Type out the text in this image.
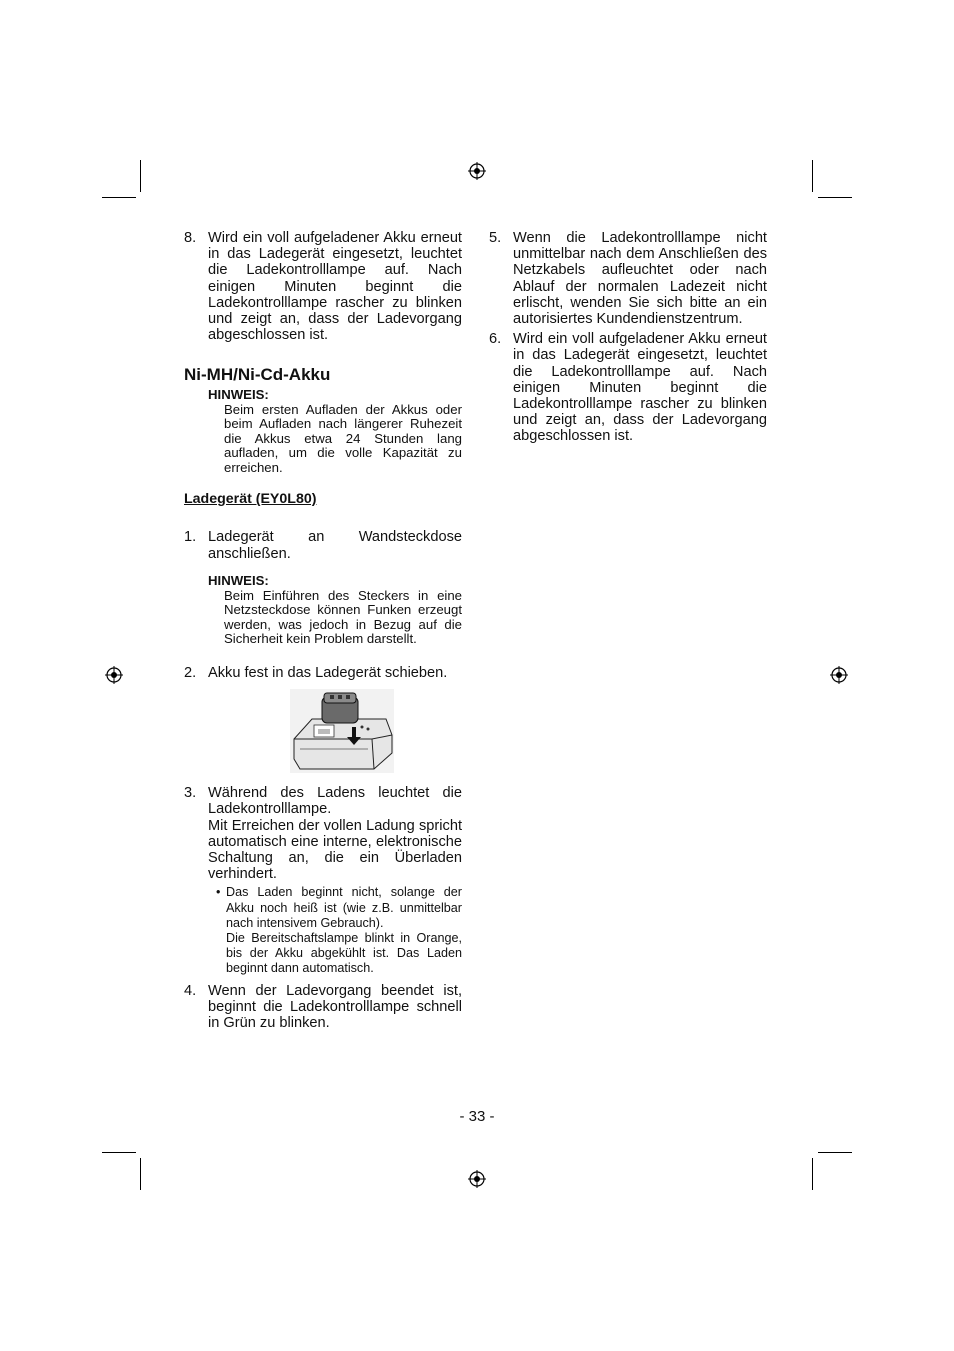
8. Wird ein voll aufgeladener Akku erneut in das Ladegerät eingesetzt, leuchtet die Ladekontrolllampe auf. Nach einigen Minuten beginnt die Ladekontrolllampe rascher zu blinken und zeigt an, dass der Ladevorgang abgeschlossen ist.
Ni-MH/Ni-Cd-Akku
HINWEIS:
Beim ersten Aufladen der Akkus oder beim Aufladen nach längerer Ruhezeit die Akkus etwa 24 Stunden lang aufladen, um die volle Kapazität zu erreichen.
Ladegerät (EY0L80)
1. Ladegerät an Wandsteckdose anschließen.
HINWEIS:
Beim Einführen des Steckers in eine Netzsteckdose können Funken erzeugt werden, was jedoch in Bezug auf die Sicherheit kein Problem darstellt.
2. Akku fest in das Ladegerät schieben.
3. Während des Ladens leuchtet die Ladekontrolllampe.
Mit Erreichen der vollen Ladung spricht automatisch eine interne, elektronische Schaltung an, die ein Überladen verhindert.
• Das Laden beginnt nicht, solange der Akku noch heiß ist (wie z.B. unmittelbar nach intensivem Gebrauch).
Die Bereitschaftslampe blinkt in Orange, bis der Akku abgekühlt ist. Das Laden beginnt dann automatisch.
4. Wenn der Ladevorgang beendet ist, beginnt die Ladekontrolllampe schnell in Grün zu blinken.
5. Wenn die Ladekontrolllampe nicht unmittelbar nach dem Anschließen des Netzkabels aufleuchtet oder nach Ablauf der normalen Ladezeit nicht erlischt, wenden Sie sich bitte an ein autorisiertes Kundendienstzentrum.
6. Wird ein voll aufgeladener Akku erneut in das Ladegerät eingesetzt, leuchtet die Ladekontrolllampe auf. Nach einigen Minuten beginnt die Ladekontrolllampe rascher zu blinken und zeigt an, dass der Ladevorgang abgeschlossen ist.
- 33 -
